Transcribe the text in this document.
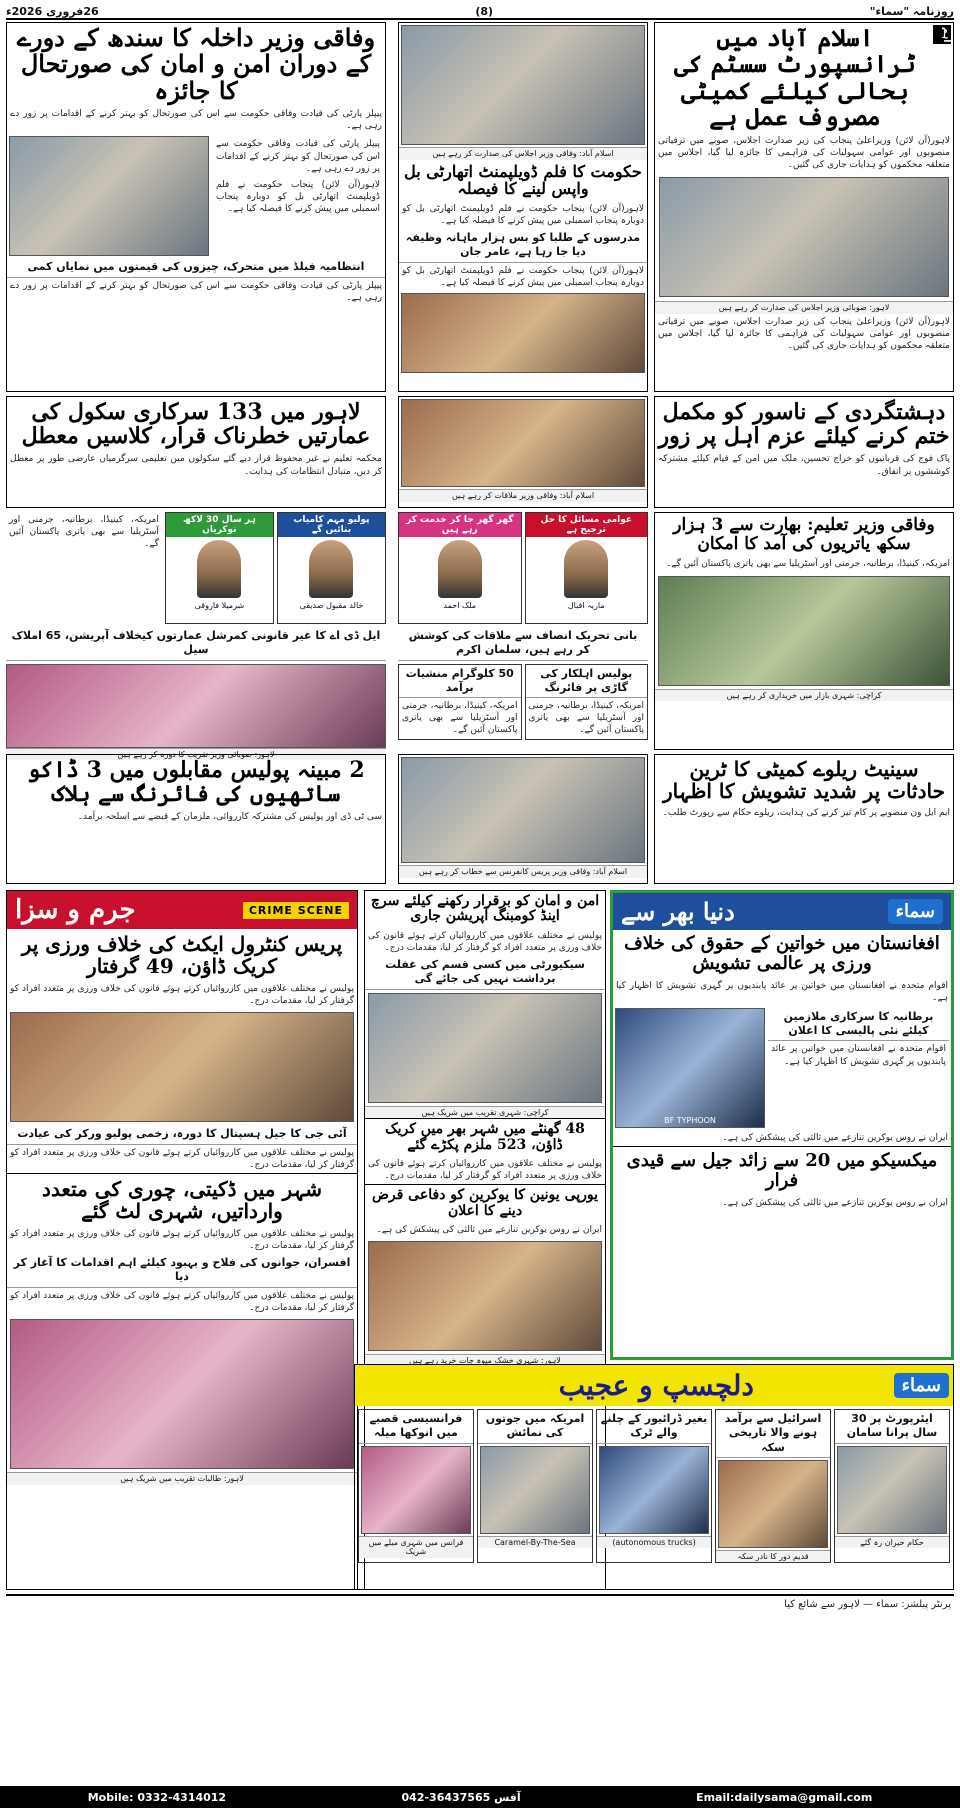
روزنامہ "سماء"
(8)
26فروری 2026ء
اہم
اسلام آباد میں ٹرانسپورٹ سسٹم کی بحالی کیلئے کمیٹی مصروف عمل ہے
لاہور(آن لائن) وزیراعلیٰ پنجاب کی زیر صدارت اجلاس، صوبے میں ترقیاتی منصوبوں اور عوامی سہولیات کی فراہمی کا جائزہ لیا گیا، اجلاس میں متعلقہ محکموں کو ہدایات جاری کی گئیں۔
لاہور: صوبائی وزیر اجلاس کی صدارت کر رہے ہیں
لاہور(آن لائن) وزیراعلیٰ پنجاب کی زیر صدارت اجلاس، صوبے میں ترقیاتی منصوبوں اور عوامی سہولیات کی فراہمی کا جائزہ لیا گیا، اجلاس میں متعلقہ محکموں کو ہدایات جاری کی گئیں۔
اسلام آباد: وفاقی وزیر اجلاس کی صدارت کر رہے ہیں
حکومت کا فلم ڈویلپمنٹ اتھارٹی بل واپس لینے کا فیصلہ
لاہور(آن لائن) پنجاب حکومت نے فلم ڈویلپمنٹ اتھارٹی بل کو دوبارہ پنجاب اسمبلی میں پیش کرنے کا فیصلہ کیا ہے۔
مدرسوں کے طلبا کو بس ہزار ماہانہ وظیفہ دیا جا رہا ہے، عامر جان
لاہور(آن لائن) پنجاب حکومت نے فلم ڈویلپمنٹ اتھارٹی بل کو دوبارہ پنجاب اسمبلی میں پیش کرنے کا فیصلہ کیا ہے۔
وفاقی وزیر داخلہ کا سندھ کے دورے کے دوران امن و امان کی صورتحال کا جائزہ
پیپلز پارٹی کی قیادت وفاقی حکومت سے اس کی صورتحال کو بہتر کرنے کے اقدامات پر زور دے رہی ہے۔
پیپلز پارٹی کی قیادت وفاقی حکومت سے اس کی صورتحال کو بہتر کرنے کے اقدامات پر زور دے رہی ہے۔
لاہور(آن لائن) پنجاب حکومت نے فلم ڈویلپمنٹ اتھارٹی بل کو دوبارہ پنجاب اسمبلی میں پیش کرنے کا فیصلہ کیا ہے۔
انتظامیہ فیلڈ میں متحرک، چیزوں کی قیمتوں میں نمایاں کمی
پیپلز پارٹی کی قیادت وفاقی حکومت سے اس کی صورتحال کو بہتر کرنے کے اقدامات پر زور دے رہی ہے۔
دہشتگردی کے ناسور کو مکمل ختم کرنے کیلئے عزم اہل پر زور
پاک فوج کی قربانیوں کو خراج تحسین، ملک میں امن کے قیام کیلئے مشترکہ کوششوں پر اتفاق۔
اسلام آباد: وفاقی وزیر ملاقات کر رہے ہیں
لاہور میں 133 سرکاری سکول کی عمارتیں خطرناک قرار، کلاسیں معطل
محکمہ تعلیم نے غیر محفوظ قرار دیے گئے سکولوں میں تعلیمی سرگرمیاں عارضی طور پر معطل کر دیں، متبادل انتظامات کی ہدایت۔
وفاقی وزیر تعلیم: بھارت سے 3 ہزار سکھ یاتریوں کی آمد کا امکان
امریکہ، کینیڈا، برطانیہ، جرمنی اور آسٹریلیا سے بھی یاتری پاکستان آئیں گے۔
کراچی: شہری بازار میں خریداری کر رہے ہیں
عوامی مسائل کا حل ترجیح ہے
ماریہ اقبال
گھر گھر جا کر خدمت کر رہے ہیں
ملک احمد
بانی تحریک انصاف سے ملاقات کی کوشش کر رہے ہیں، سلمان اکرم
پولیس اہلکار کی گاڑی پر فائرنگ
امریکہ، کینیڈا، برطانیہ، جرمنی اور آسٹریلیا سے بھی یاتری پاکستان آئیں گے۔
50 کلوگرام منشیات برآمد
امریکہ، کینیڈا، برطانیہ، جرمنی اور آسٹریلیا سے بھی یاتری پاکستان آئیں گے۔
پولیو مہم کامیاب بنائیں گے
خالد مقبول صدیقی
ہر سال 30 لاکھ نوکریاں
شرمیلا فاروقی
امریکہ، کینیڈا، برطانیہ، جرمنی اور آسٹریلیا سے بھی یاتری پاکستان آئیں گے۔
ایل ڈی اے کا غیر قانونی کمرشل عمارتوں کیخلاف آپریشن، 65 املاک سیل
لاہور: صوبائی وزیر تقریب کا دورہ کر رہے ہیں
سینیٹ ریلوے کمیٹی کا ٹرین حادثات پر شدید تشویش کا اظہار
ایم ایل ون منصوبے پر کام تیز کرنے کی ہدایت، ریلوے حکام سے رپورٹ طلب۔
اسلام آباد: وفاقی وزیر پریس کانفرنس سے خطاب کر رہے ہیں
2 مبینہ پولیس مقابلوں میں 3 ڈاکو ساتھیوں کی فائرنگ سے ہلاک
سی ٹی ڈی اور پولیس کی مشترکہ کارروائی، ملزمان کے قبضے سے اسلحہ برآمد۔
CRIME SCENE
جرم و سزا
پریس کنٹرول ایکٹ کی خلاف ورزی پر کریک ڈاؤن، 49 گرفتار
پولیس نے مختلف علاقوں میں کارروائیاں کرتے ہوئے قانون کی خلاف ورزی پر متعدد افراد کو گرفتار کر لیا، مقدمات درج۔
آئی جی کا جیل ہسپتال کا دورہ، زخمی پولیو ورکر کی عیادت
پولیس نے مختلف علاقوں میں کارروائیاں کرتے ہوئے قانون کی خلاف ورزی پر متعدد افراد کو گرفتار کر لیا، مقدمات درج۔
شہر میں ڈکیتی، چوری کی متعدد وارداتیں، شہری لٹ گئے
پولیس نے مختلف علاقوں میں کارروائیاں کرتے ہوئے قانون کی خلاف ورزی پر متعدد افراد کو گرفتار کر لیا، مقدمات درج۔
افسران، جوانوں کی فلاح و بہبود کیلئے اہم اقدامات کا آغاز کر دیا
پولیس نے مختلف علاقوں میں کارروائیاں کرتے ہوئے قانون کی خلاف ورزی پر متعدد افراد کو گرفتار کر لیا، مقدمات درج۔
لاہور: طالبات تقریب میں شریک ہیں
امن و امان کو برقرار رکھنے کیلئے سرچ اینڈ کومبنگ آپریشن جاری
پولیس نے مختلف علاقوں میں کارروائیاں کرتے ہوئے قانون کی خلاف ورزی پر متعدد افراد کو گرفتار کر لیا، مقدمات درج۔
سیکیورٹی میں کسی قسم کی غفلت برداشت نہیں کی جائے گی
کراچی: شہری تقریب میں شریک ہیں
48 گھنٹے میں شہر بھر میں کریک ڈاؤن، 523 ملزم پکڑے گئے
پولیس نے مختلف علاقوں میں کارروائیاں کرتے ہوئے قانون کی خلاف ورزی پر متعدد افراد کو گرفتار کر لیا، مقدمات درج۔
یورپی یونین کا یوکرین کو دفاعی قرض دینے کا اعلان
ایران نے روس یوکرین تنازعے میں ثالثی کی پیشکش کی ہے۔
لاہور: شہری خشک میوہ جات خرید رہے ہیں
سماء
دنیا بھر سے
افغانستان میں خواتین کے حقوق کی خلاف ورزی پر عالمی تشویش
اقوام متحدہ نے افغانستان میں خواتین پر عائد پابندیوں پر گہری تشویش کا اظہار کیا ہے۔
برطانیہ کا سرکاری ملازمین کیلئے نئی پالیسی کا اعلان
اقوام متحدہ نے افغانستان میں خواتین پر عائد پابندیوں پر گہری تشویش کا اظہار کیا ہے۔
BF TYPHOON
ایران نے روس یوکرین تنازعے میں ثالثی کی پیشکش کی ہے۔
میکسیکو میں 20 سے زائد جیل سے قیدی فرار
ایران نے روس یوکرین تنازعے میں ثالثی کی پیشکش کی ہے۔
سماء
دلچسپ و عجیب
ایئرپورٹ پر 30 سال پرانا سامان
حکام حیران رہ گئے
اسرائیل سے برآمد ہونے والا تاریخی سکہ
قدیم دور کا نادر سکہ
بغیر ڈرائیور کے چلنے والے ٹرک
(autonomous trucks)
امریکہ میں جوتوں کی نمائش
Caramel-By-The-Sea
فرانسیسی قصبے میں انوکھا میلہ
فرانس میں شہری میلے میں شریک
پرنٹر پبلشر: سماء — لاہور سے شائع کیا
Email:dailysama@gmail.com
042-36437565 آفس
Mobile: 0332-4314012
